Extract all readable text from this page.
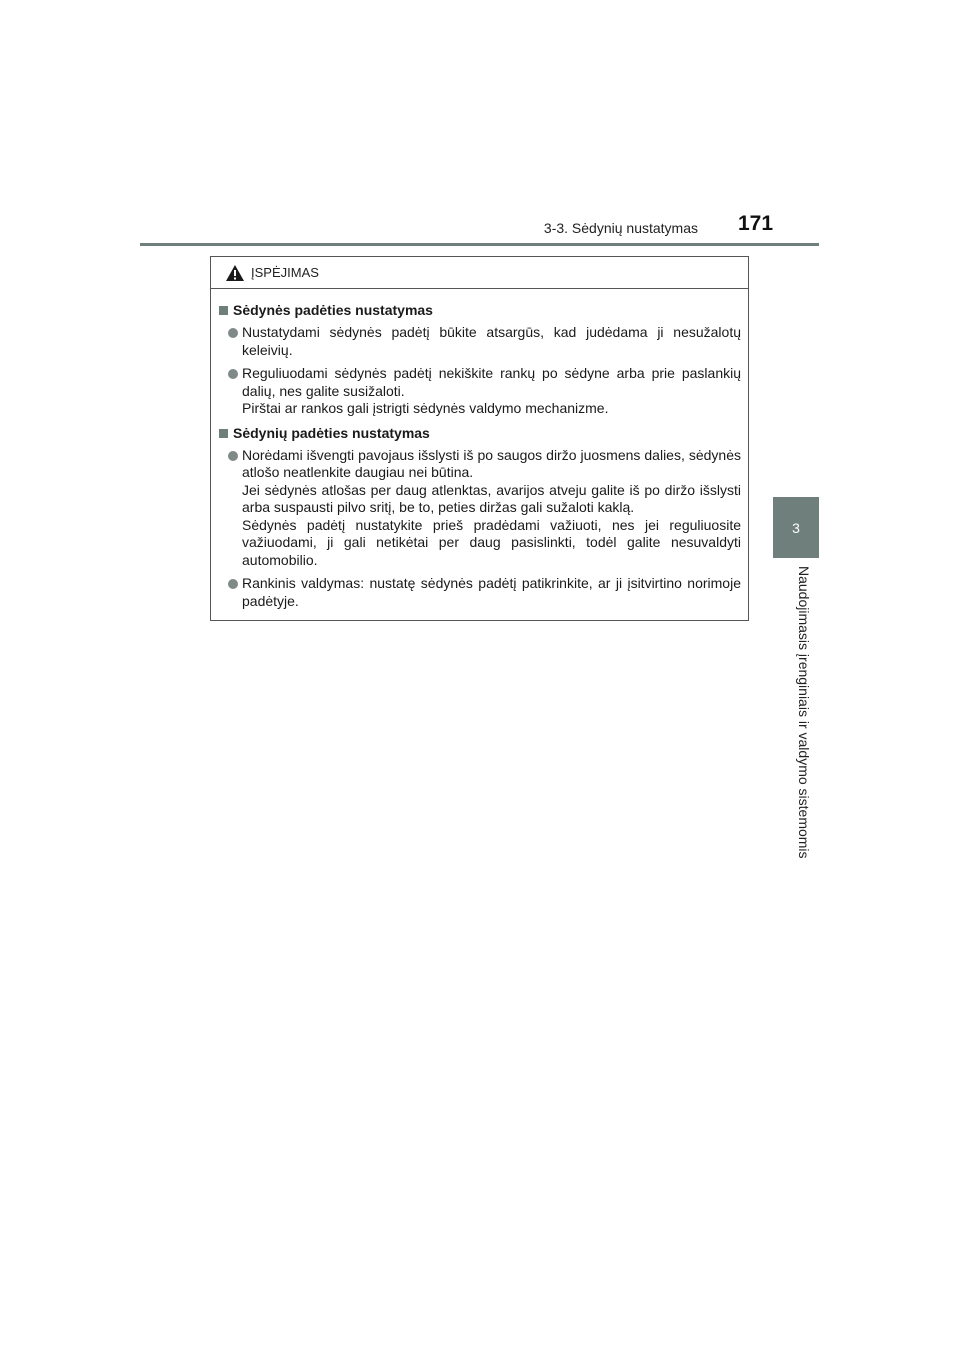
3-3. Sėdynių nustatymas 171
3
Naudojimasis įrenginiais ir valdymo sistemomis
ĮSPĖJIMAS
Sėdynės padėties nustatymas

Nustatydami sėdynės padėtį būkite atsargūs, kad judėdama ji nesužalotų keleivių.

Reguliuodami sėdynės padėtį nekiškite rankų po sėdyne arba prie paslankių dalių, nes galite susižaloti.

Pirštai ar rankos gali įstrigti sėdynės valdymo mechanizme.

Sėdynių padėties nustatymas

Norėdami išvengti pavojaus išslysti iš po saugos diržo juosmens dalies, sėdynės atlošo neatlenkite daugiau nei būtina.

Jei sėdynės atlošas per daug atlenktas, avarijos atveju galite iš po diržo išslysti arba suspausti pilvo sritį, be to, peties diržas gali sužaloti kaklą.

Sėdynės padėtį nustatykite prieš pradėdami važiuoti, nes jei reguliuosite važiuodami, ji gali netikėtai per daug pasislinkti, todėl galite nesuvaldyti automobilio.

Rankinis valdymas: nustatę sėdynės padėtį patikrinkite, ar ji įsitvirtino norimoje padėtyje.
